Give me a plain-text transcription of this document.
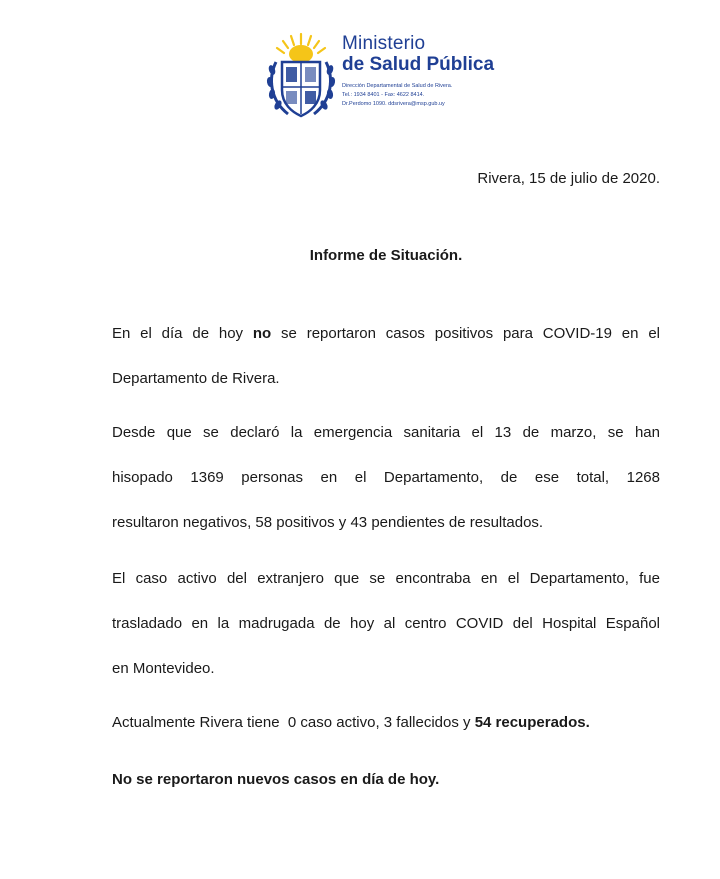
Ministerio
de Salud Pública
Dirección Departamental de Salud de Rivera.
Tel.: 1934 8401 - Fax: 4622 8414.
Dr.Perdomo 1090. ddsrivera@msp.gub.uy
Rivera, 15 de julio de 2020.
Informe de Situación.
En el día de hoy no se reportaron casos positivos para COVID-19 en el
Departamento de Rivera.
Desde que se declaró la emergencia sanitaria el 13 de marzo, se han
hisopado 1369 personas en el Departamento, de ese total, 1268
resultaron negativos, 58 positivos y 43 pendientes de resultados.
El caso activo del extranjero que se encontraba en el Departamento, fue
trasladado en la madrugada de hoy al centro COVID del Hospital Español
en Montevideo.
Actualmente Rivera tiene  0 caso activo, 3 fallecidos y 54 recuperados.
No se reportaron nuevos casos en día de hoy.
